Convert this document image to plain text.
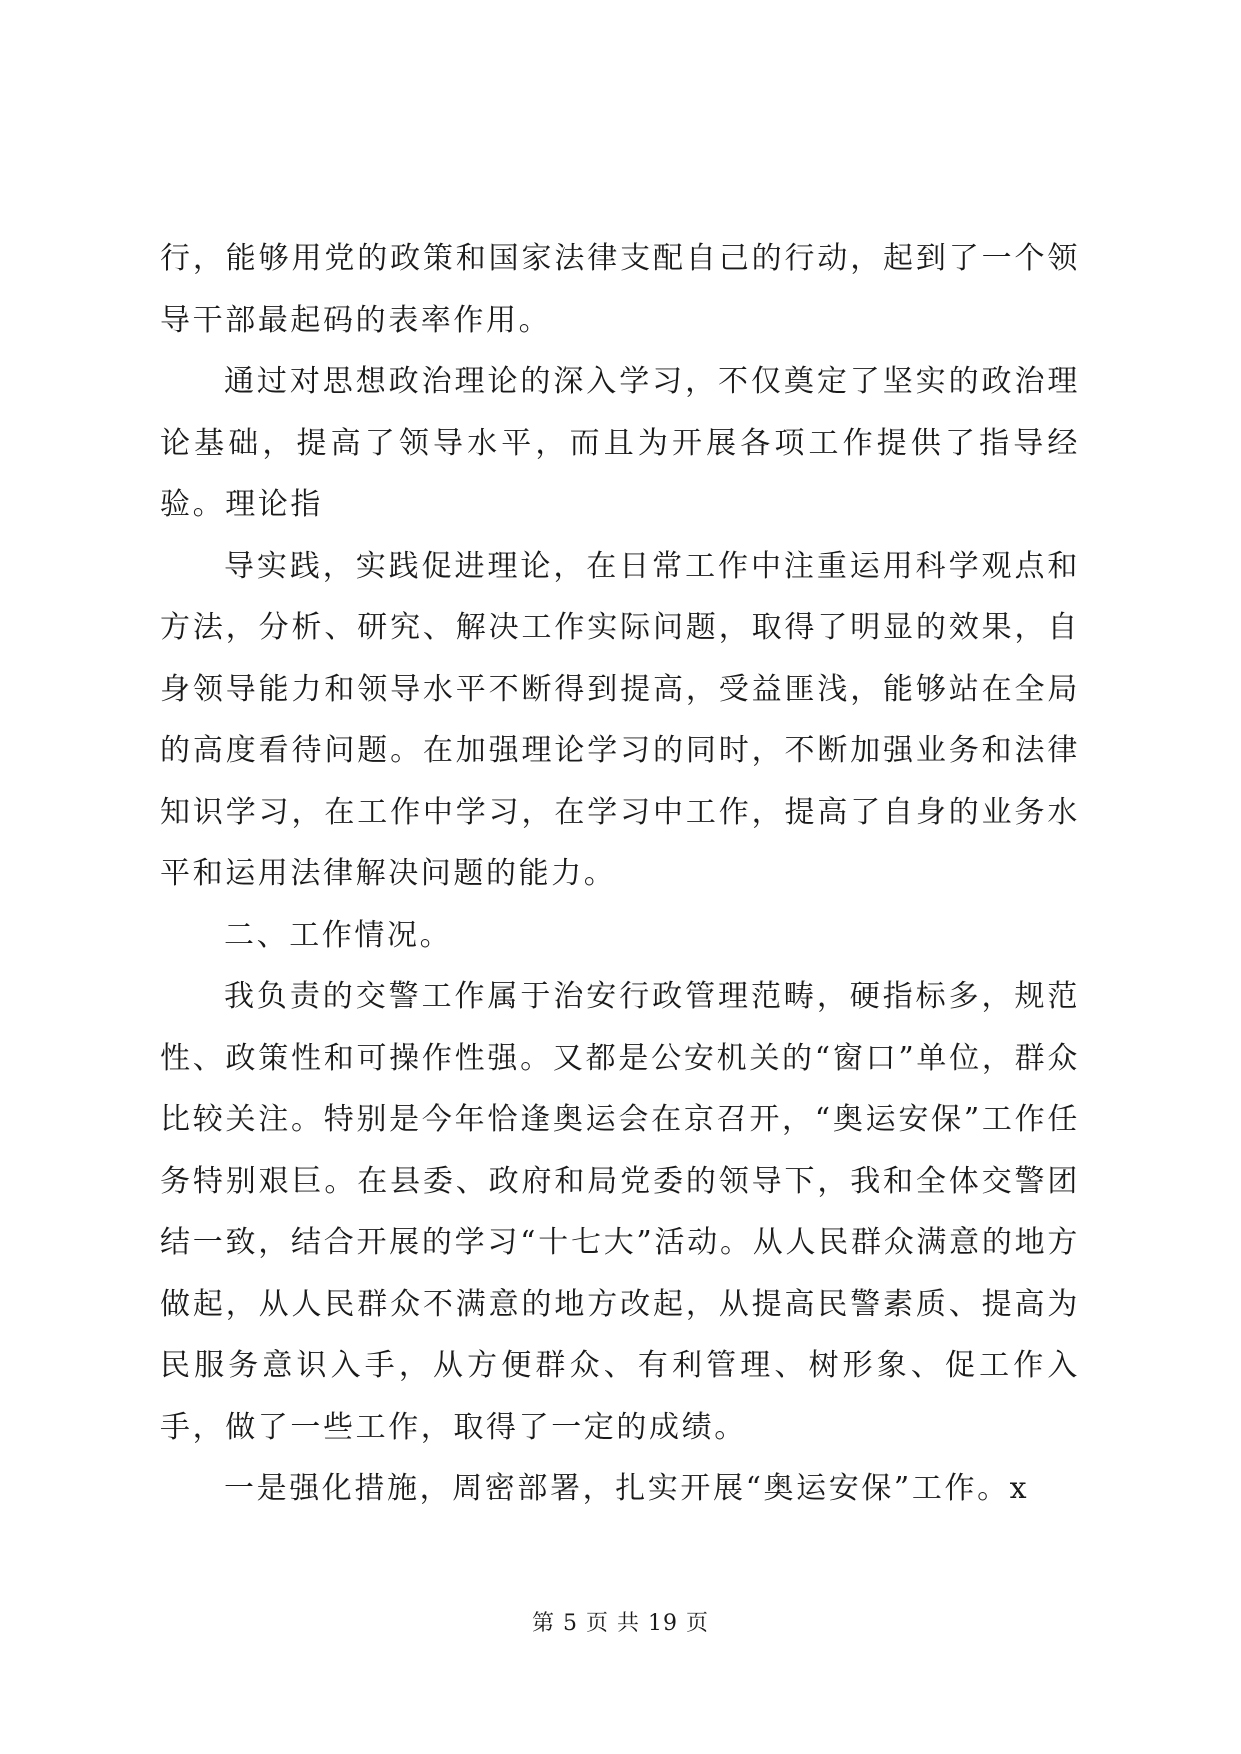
行，能够用党的政策和国家法律支配自己的行动，起到了一个领导干部最起码的表率作用。

通过对思想政治理论的深入学习，不仅奠定了坚实的政治理论基础，提高了领导水平，而且为开展各项工作提供了指导经验。理论指

导实践，实践促进理论，在日常工作中注重运用科学观点和方法，分析、研究、解决工作实际问题，取得了明显的效果，自身领导能力和领导水平不断得到提高，受益匪浅，能够站在全局的高度看待问题。在加强理论学习的同时，不断加强业务和法律知识学习，在工作中学习，在学习中工作，提高了自身的业务水平和运用法律解决问题的能力。

二、工作情况。

我负责的交警工作属于治安行政管理范畴，硬指标多，规范性、政策性和可操作性强。又都是公安机关的“窗口”单位，群众比较关注。特别是今年恰逢奥运会在京召开，“奥运安保”工作任务特别艰巨。在县委、政府和局党委的领导下，我和全体交警团结一致，结合开展的学习“十七大”活动。从人民群众满意的地方做起，从人民群众不满意的地方改起，从提高民警素质、提高为民服务意识入手，从方便群众、有利管理、树形象、促工作入手，做了一些工作，取得了一定的成绩。

一是强化措施，周密部署，扎实开展“奥运安保”工作。x

第 5 页 共 19 页
